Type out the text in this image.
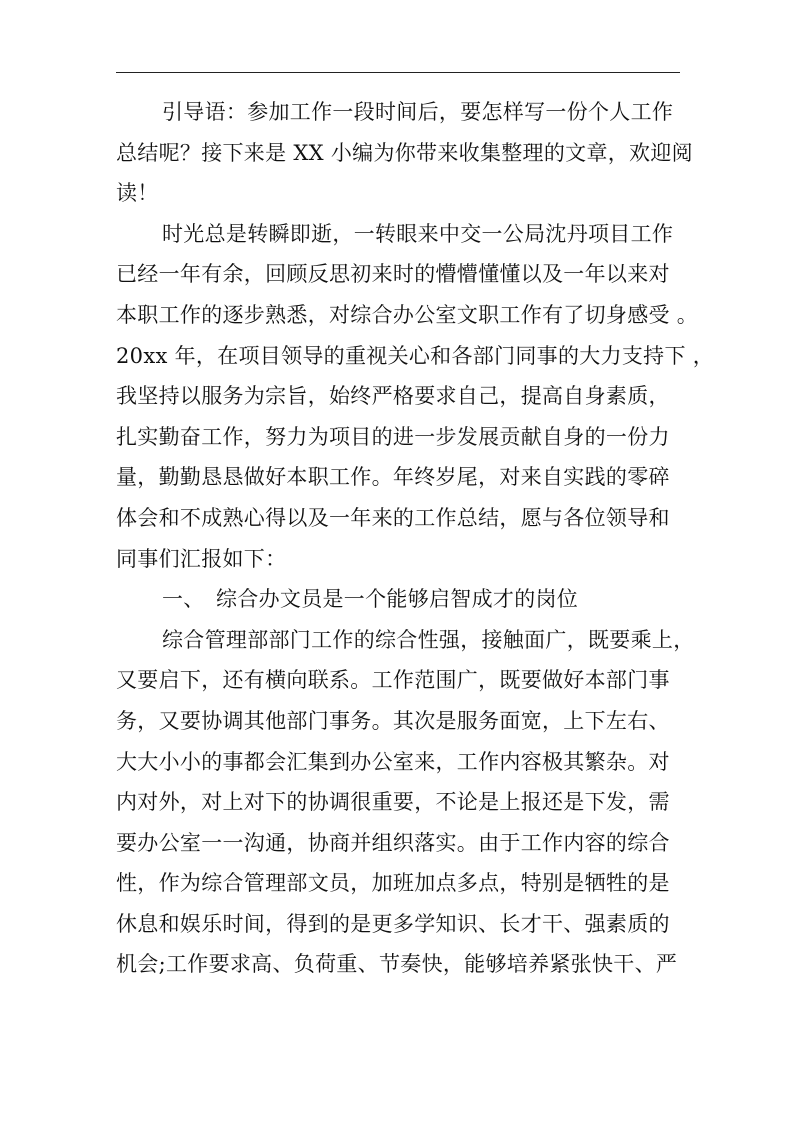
引导语：参加工作一段时间后，要怎样写一份个人工作
总结呢？接下来是 XX 小编为你带来收集整理的文章，欢迎阅
读！
时光总是转瞬即逝，一转眼来中交一公局沈丹项目工作
已经一年有余，回顾反思初来时的懵懵懂懂以及一年以来对
本职工作的逐步熟悉，对综合办公室文职工作有了切身感受 。
20xx 年，在项目领导的重视关心和各部门同事的大力支持下 ，
我坚持以服务为宗旨，始终严格要求自己，提高自身素质，
扎实勤奋工作，努力为项目的进一步发展贡献自身的一份力
量，勤勤恳恳做好本职工作。年终岁尾，对来自实践的零碎
体会和不成熟心得以及一年来的工作总结，愿与各位领导和
同事们汇报如下：
一、 综合办文员是一个能够启智成才的岗位
综合管理部部门工作的综合性强，接触面广，既要乘上，
又要启下，还有横向联系。工作范围广，既要做好本部门事
务，又要协调其他部门事务。其次是服务面宽，上下左右、
大大小小的事都会汇集到办公室来，工作内容极其繁杂。对
内对外，对上对下的协调很重要，不论是上报还是下发，需
要办公室一一沟通，协商并组织落实。由于工作内容的综合
性，作为综合管理部文员，加班加点多点，特别是牺牲的是
休息和娱乐时间，得到的是更多学知识、长才干、强素质的
机会;工作要求高、负荷重、节奏快，能够培养紧张快干、严
